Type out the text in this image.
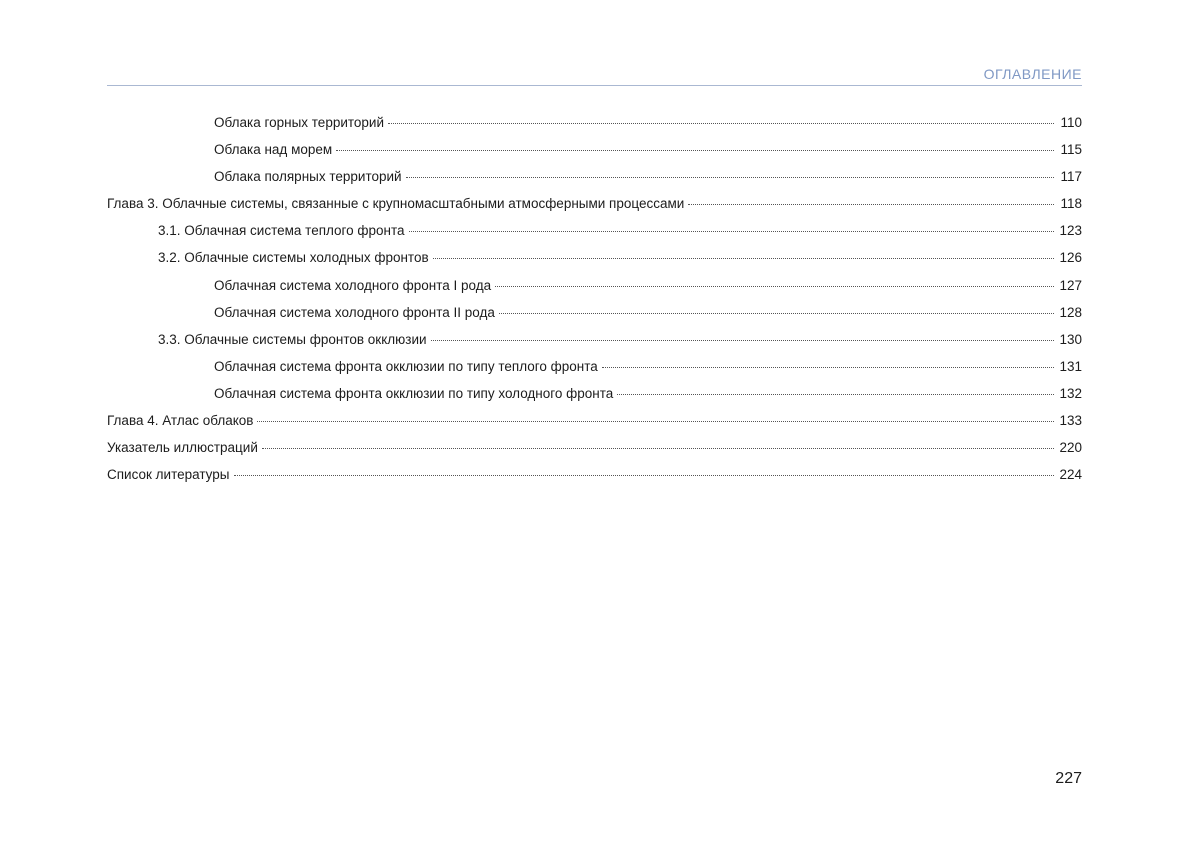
ОГЛАВЛЕНИЕ
Облака горных территорий	110
Облака над морем	115
Облака полярных территорий	117
Глава 3. Облачные системы, связанные с крупномасштабными атмосферными процессами	118
3.1. Облачная система теплого фронта	123
3.2. Облачные системы холодных фронтов	126
Облачная система холодного фронта I рода	127
Облачная система холодного фронта II рода	128
3.3. Облачные системы фронтов окклюзии	130
Облачная система фронта окклюзии по типу теплого фронта	131
Облачная система фронта окклюзии по типу холодного фронта	132
Глава 4. Атлас облаков	133
Указатель иллюстраций	220
Список литературы	224
227
